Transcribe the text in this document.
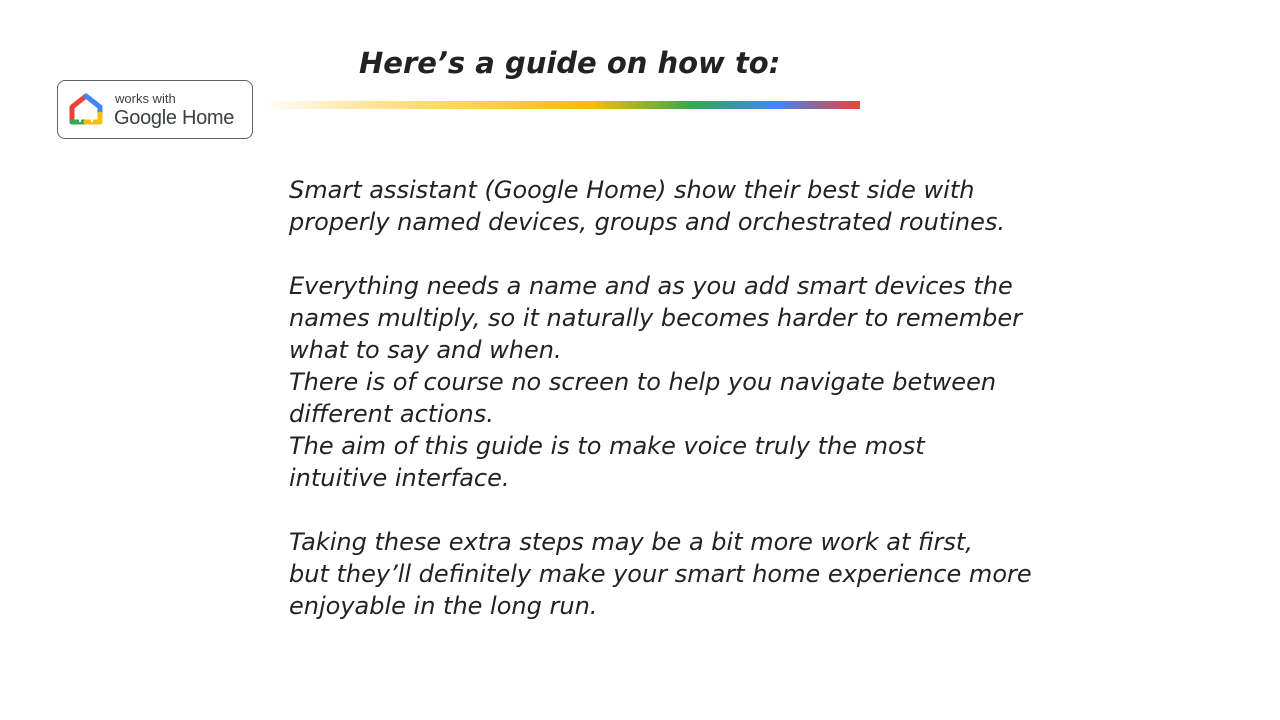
works with
Google Home
Here’s a guide on how to:

Smart assistant (Google Home) show their best side with

properly named devices, groups and orchestrated routines.

Everything needs a name and as you add smart devices the

names multiply, so it naturally becomes harder to remember

what to say and when.

There is of course no screen to help you navigate between

different actions.

The aim of this guide is to make voice truly the most

intuitive interface.

Taking these extra steps may be a bit more work at first,

but they’ll definitely make your smart home experience more

enjoyable in the long run.
